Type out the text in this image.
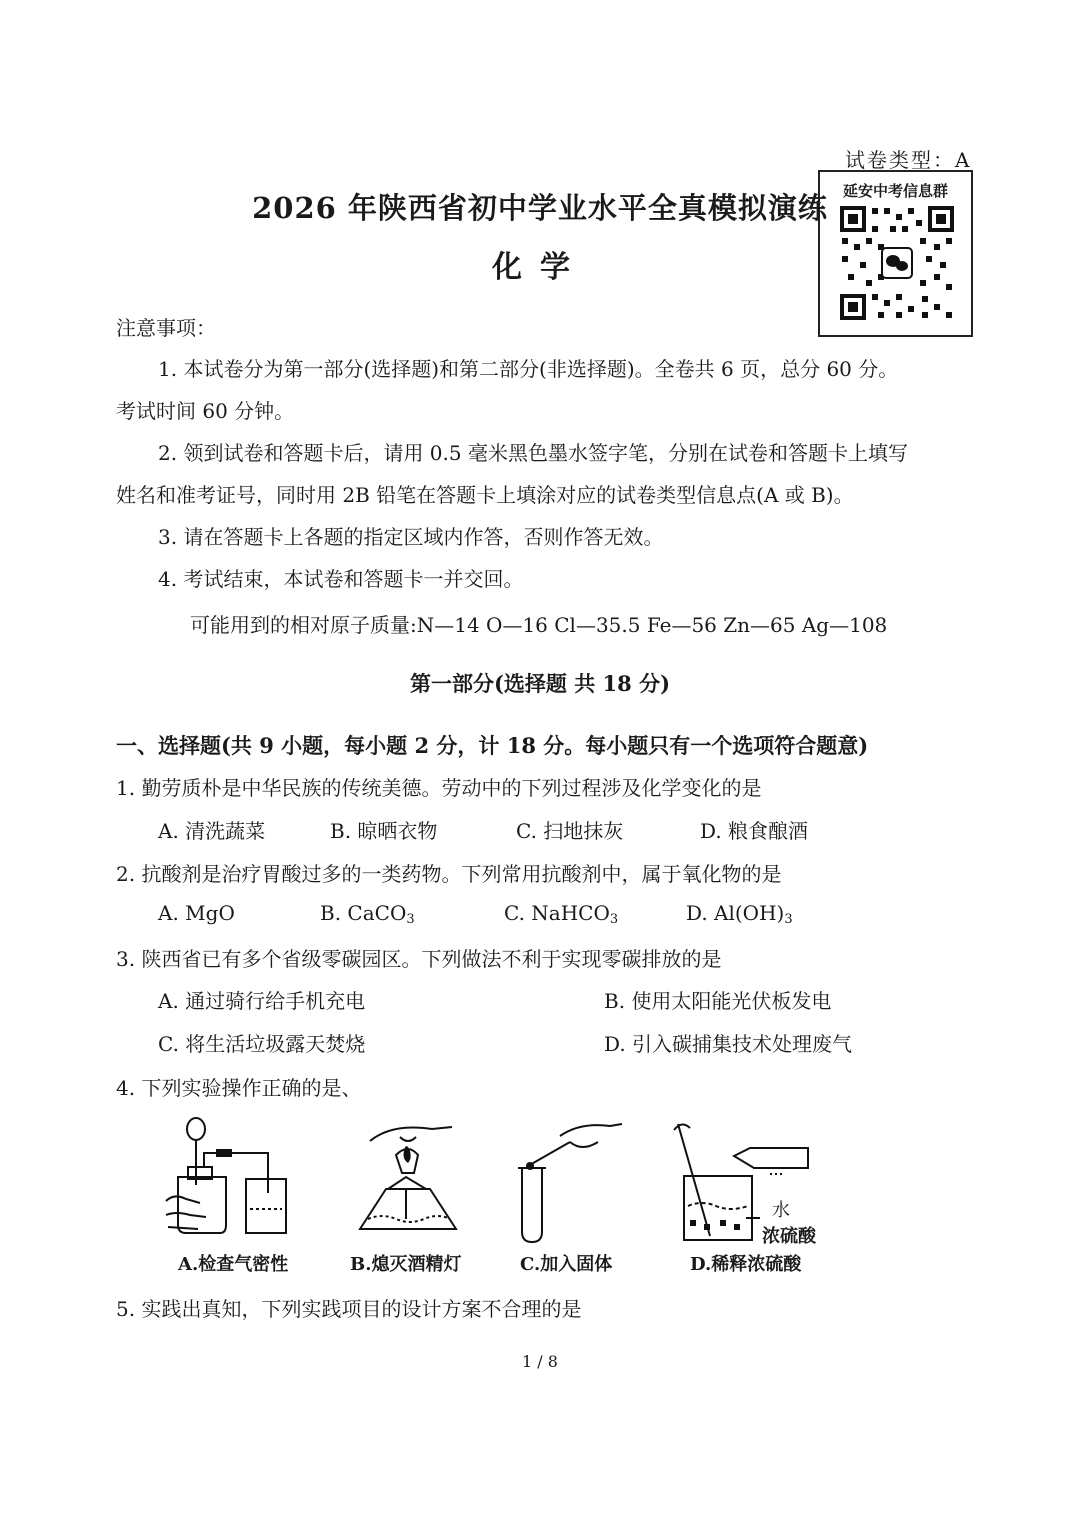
试卷类型：A
延安中考信息群
2026 年陕西省初中学业水平全真模拟演练
化学
注意事项：
1. 本试卷分为第一部分(选择题)和第二部分(非选择题)。全卷共 6 页，总分 60 分。
考试时间 60 分钟。
2. 领到试卷和答题卡后，请用 0.5 毫米黑色墨水签字笔，分别在试卷和答题卡上填写
姓名和准考证号，同时用 2B 铅笔在答题卡上填涂对应的试卷类型信息点(A 或 B)。
3. 请在答题卡上各题的指定区域内作答，否则作答无效。
4. 考试结束，本试卷和答题卡一并交回。
可能用到的相对原子质量:N—14 O—16 Cl—35.5 Fe—56 Zn—65 Ag—108
第一部分(选择题 共 18 分)
一、选择题(共 9 小题，每小题 2 分，计 18 分。每小题只有一个选项符合题意)
1. 勤劳质朴是中华民族的传统美德。劳动中的下列过程涉及化学变化的是
A. 清洗蔬菜	B. 晾晒衣物	C. 扫地抹灰	D. 粮食酿酒
2. 抗酸剂是治疗胃酸过多的一类药物。下列常用抗酸剂中，属于氧化物的是
A. MgO	B. CaCO$_3$	C. NaHCO$_3$	D. $Al(OH)_3$
3. 陕西省已有多个省级零碳园区。下列做法不利于实现零碳排放的是
A. 通过骑行给手机充电	B. 使用太阳能光伏板发电
C. 将生活垃圾露天焚烧	D. 引入碳捕集技术处理废气
4. 下列实验操作正确的是、
A.检查气密性	B.熄灭酒精灯	C.加入固体
水
浓硫酸
D.稀释浓硫酸
5. 实践出真知，下列实践项目的设计方案不合理的是
1 / 8
